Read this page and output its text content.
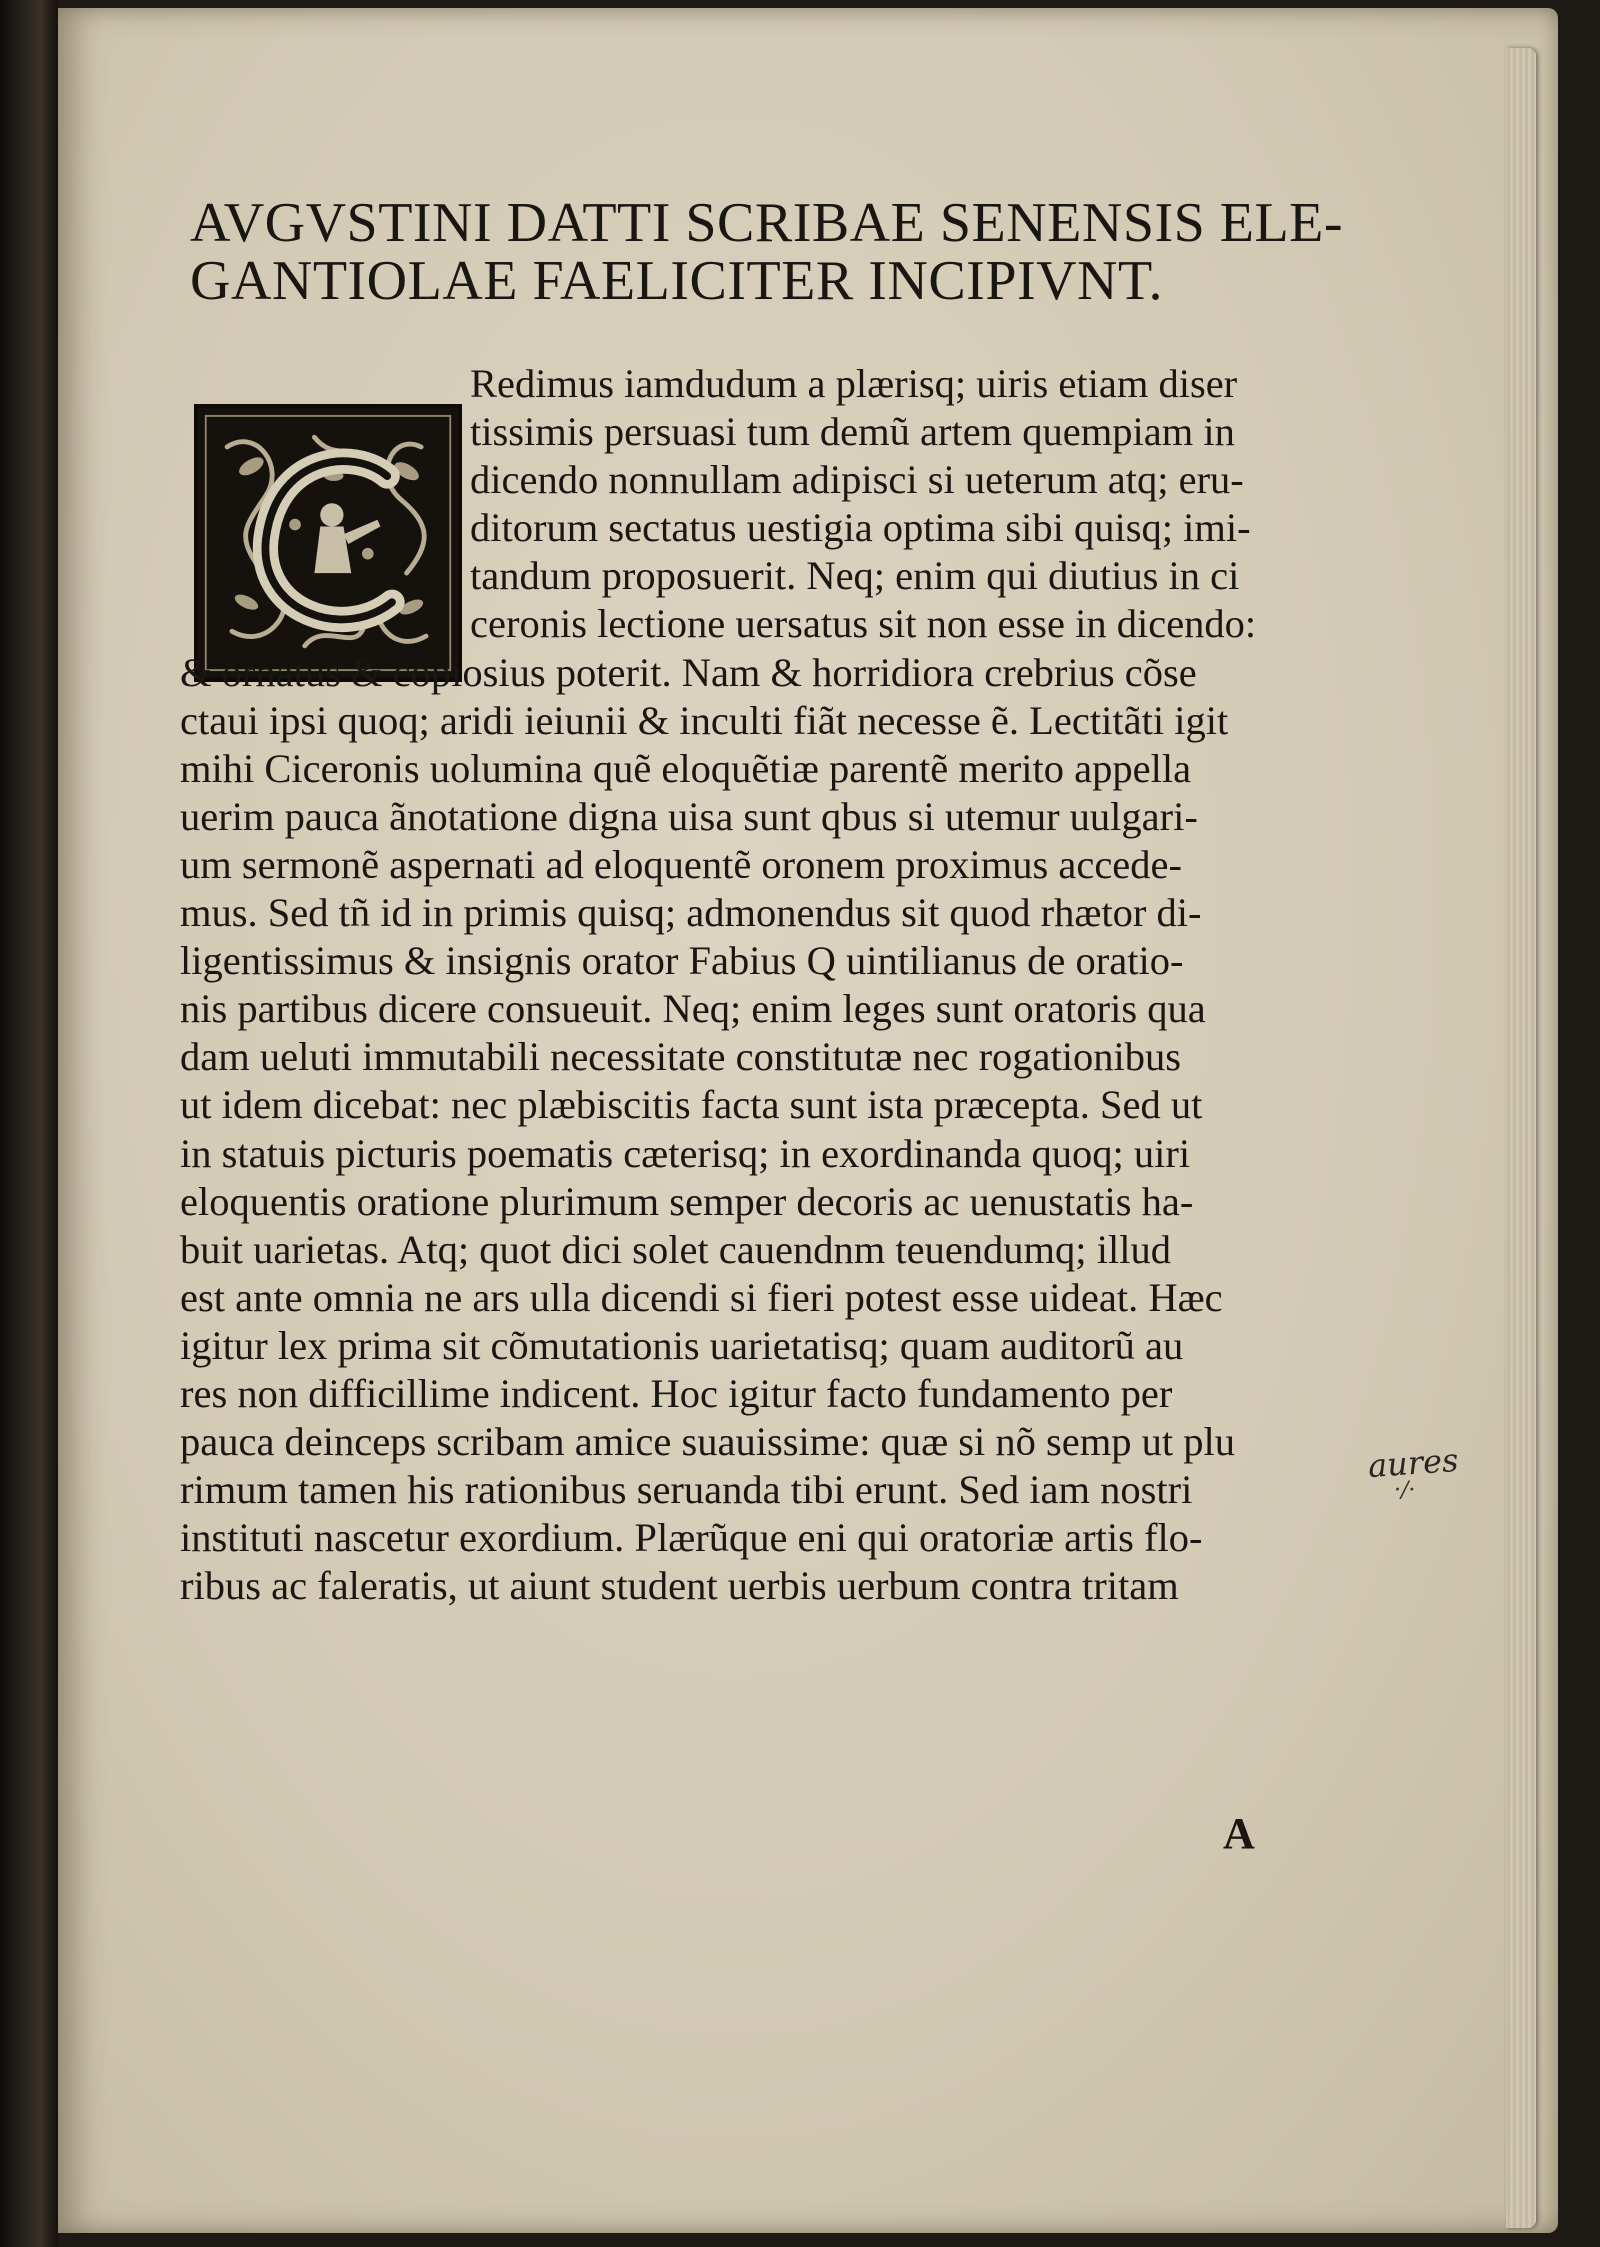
AVGVSTINI DATTI SCRIBAE SENENSIS ELE-
GANTIOLAE FAELICITER INCIPIVNT.
Redimus iamdudum a plærisq; uiris etiam diser
tissimis persuasi tum demũ artem quempiam in
dicendo nonnullam adipisci si ueterum atq; eru-
ditorum sectatus uestigia optima sibi quisq; imi-
tandum proposuerit. Neq; enim qui diutius in ci
ceronis lectione uersatus sit non esse in dicendo:
& ornatus & copiosius poterit. Nam & horridiora crebrius cõse
ctaui ipsi quoq; aridi ieiunii & inculti fiãt necesse ẽ. Lectitãti igit
mihi Ciceronis uolumina quẽ eloquẽtiæ parentẽ merito appella
uerim pauca ãnotatione digna uisa sunt qbus si utemur uulgari-
um sermonẽ aspernati ad eloquentẽ oronem proximus accede-
mus. Sed tñ id in primis quisq; admonendus sit quod rhætor di-
ligentissimus & insignis orator Fabius Q uintilianus de oratio-
nis partibus dicere consueuit. Neq; enim leges sunt oratoris qua
dam ueluti immutabili necessitate constitutæ nec rogationibus
ut idem dicebat: nec plæbiscitis facta sunt ista præcepta. Sed ut
in statuis picturis poematis cæterisq; in exordinanda quoq; uiri
eloquentis oratione plurimum semper decoris ac uenustatis ha-
buit uarietas. Atq; quot dici solet cauendnm teuendumq; illud
est ante omnia ne ars ulla dicendi si fieri potest esse uideat. Hæc
igitur lex prima sit cõmutationis uarietatisq; quam auditorũ au
res non difficillime indicent. Hoc igitur facto fundamento per
pauca deinceps scribam amice suauissime: quæ si nõ semp ut plu
rimum tamen his rationibus seruanda tibi erunt. Sed iam nostri
instituti nascetur exordium. Plærũque eni qui oratoriæ artis flo-
ribus ac faleratis, ut aiunt student uerbis uerbum contra tritam
A
aures
·/·
